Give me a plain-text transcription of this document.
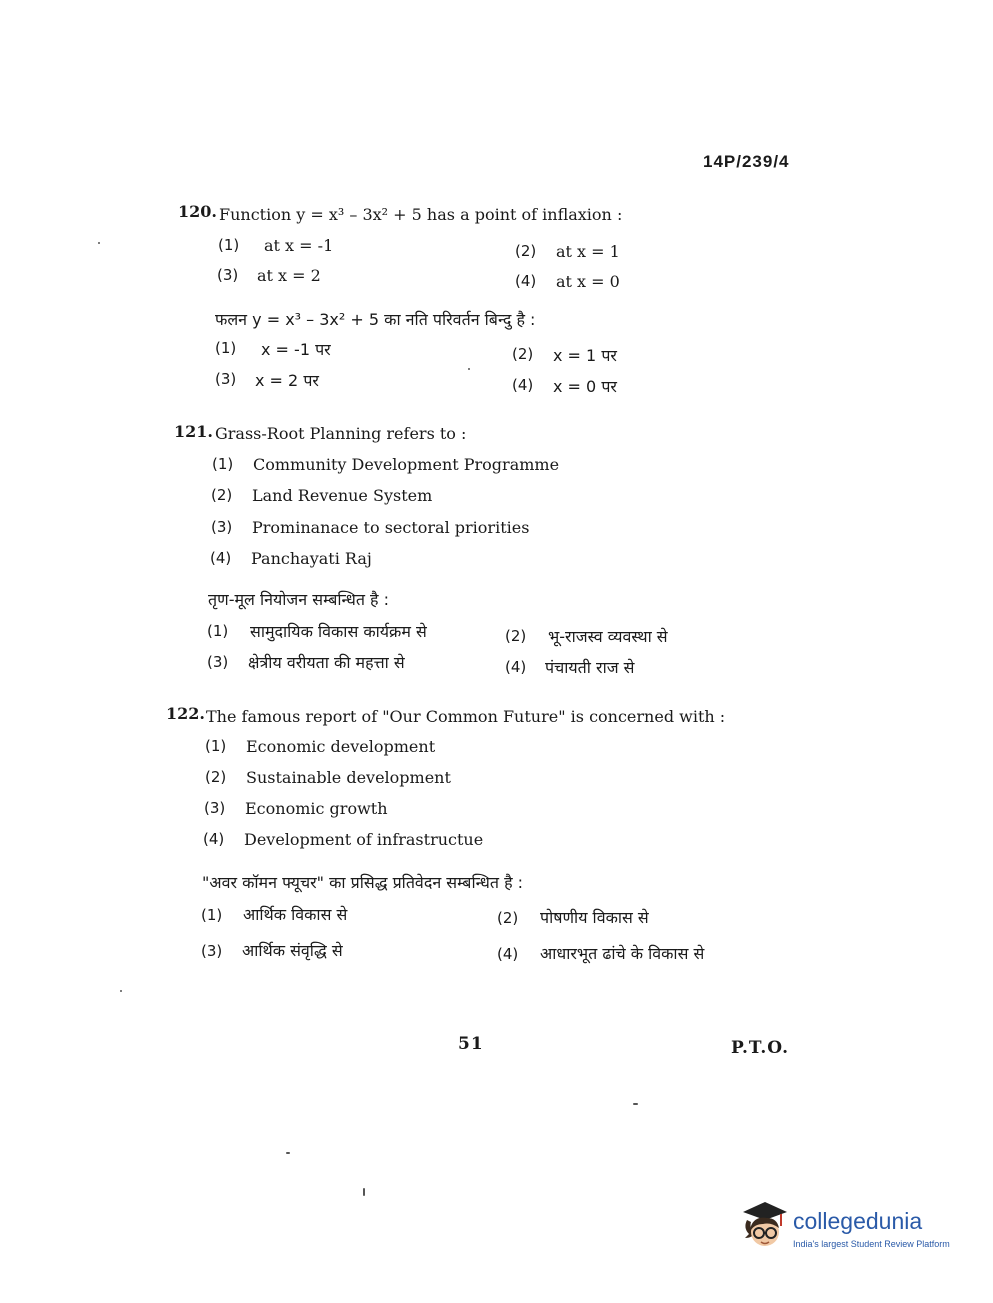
14P/239/4
120. Function y = x³ – 3x² + 5 has a point of inflaxion :
(1) at x = -1	(2) at x = 1
(3) at x = 2	(4) at x = 0
फलन y = x³ – 3x² + 5 का नति परिवर्तन बिन्दु है :
(1) x = -1 पर	(2) x = 1 पर
(3) x = 2 पर	(4) x = 0 पर
121. Grass-Root Planning refers to :
(1) Community Development Programme
(2) Land Revenue System
(3) Prominanace to sectoral priorities
(4) Panchayati Raj
तृण-मूल नियोजन सम्बन्धित है :
(1) सामुदायिक विकास कार्यक्रम से	(2) भू-राजस्व व्यवस्था से
(3) क्षेत्रीय वरीयता की महत्ता से	(4) पंचायती राज से
122. The famous report of "Our Common Future" is concerned with :
(1) Economic development
(2) Sustainable development
(3) Economic growth
(4) Development of infrastructue
"अवर कॉमन फ्यूचर" का प्रसिद्ध प्रतिवेदन सम्बन्धित है :
(1) आर्थिक विकास से	(2) पोषणीय विकास से
(3) आर्थिक संवृद्धि से	(4) आधारभूत ढांचे के विकास से
51	P.T.O.
collegedunia
India's largest Student Review Platform
